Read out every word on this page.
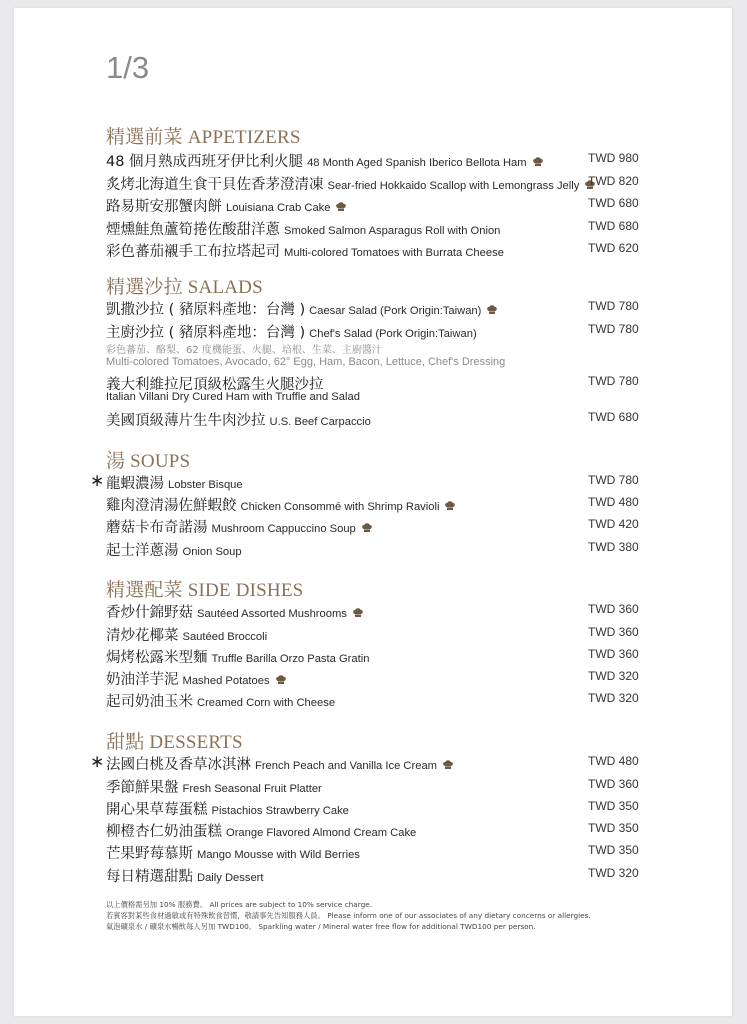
1/3
精選前菜 APPETIZERS
48 個月熟成西班牙伊比利火腿 48 Month Aged Spanish Iberico Bellota Ham	TWD 980
炙烤北海道生食干貝佐香茅澄清凍 Sear-fried Hokkaido Scallop with Lemongrass Jelly TWD 820
路易斯安那蟹肉餅 Louisiana Crab Cake	TWD 680
煙燻鮭魚蘆筍捲佐酸甜洋蔥 Smoked Salmon Asparagus Roll with Onion	TWD 680
彩色蕃茄襯手工布拉塔起司 Multi-colored Tomatoes with Burrata Cheese	TWD 620
精選沙拉 SALADS
凱撒沙拉 ( 豬原料產地：台灣 ) Caesar Salad (Pork Origin:Taiwan)	TWD 780
主廚沙拉 ( 豬原料產地：台灣 ) Chef's Salad (Pork Origin:Taiwan)	TWD 780
彩色蕃茄、酪梨、62 度機能蛋、火腿、培根、生菜、主廚醬汁
Multi-colored Tomatoes, Avocado, 62° Egg, Ham, Bacon, Lettuce, Chef's Dressing
義大利維拉尼頂級松露生火腿沙拉
Italian Villani Dry Cured Ham with Truffle and Salad
TWD 780
美國頂級薄片生牛肉沙拉 U.S. Beef Carpaccio	TWD 680
湯 SOUPS
龍蝦濃湯 Lobster Bisque	TWD 780
∗
雞肉澄清湯佐鮮蝦餃 Chicken Consommé with Shrimp Ravioli	TWD 480
蘑菇卡布奇諾湯 Mushroom Cappuccino Soup	TWD 420
起士洋蔥湯 Onion Soup	TWD 380
精選配菜 SIDE DISHES
香炒什錦野菇 Sautéed Assorted Mushrooms	TWD 360
清炒花椰菜 Sautéed Broccoli	TWD 360
焗烤松露米型麵 Truffle Barilla Orzo Pasta Gratin	TWD 360
奶油洋芋泥 Mashed Potatoes	TWD 320
起司奶油玉米 Creamed Corn with Cheese	TWD 320
甜點 DESSERTS
法國白桃及香草冰淇淋 French Peach and Vanilla Ice Cream	TWD 480
∗
季節鮮果盤 Fresh Seasonal Fruit Platter	TWD 360
開心果草莓蛋糕 Pistachios Strawberry Cake	TWD 350
柳橙杏仁奶油蛋糕 Orange Flavored Almond Cream Cake	TWD 350
芒果野莓慕斯 Mango Mousse with Wild Berries	TWD 350
每日精選甜點 Daily Dessert	TWD 320
以上價格需另加 10% 服務費。 All prices are subject to 10% service charge.
若賓客對某些食材過敏或有特殊飲食習慣，敬請事先告知服務人員。 Please inform one of our associates of any dietary concerns or allergies.
氣泡礦泉水 / 礦泉水暢飲每人另加 TWD100。 Sparkling water / Mineral water free flow for additional TWD100 per person.
